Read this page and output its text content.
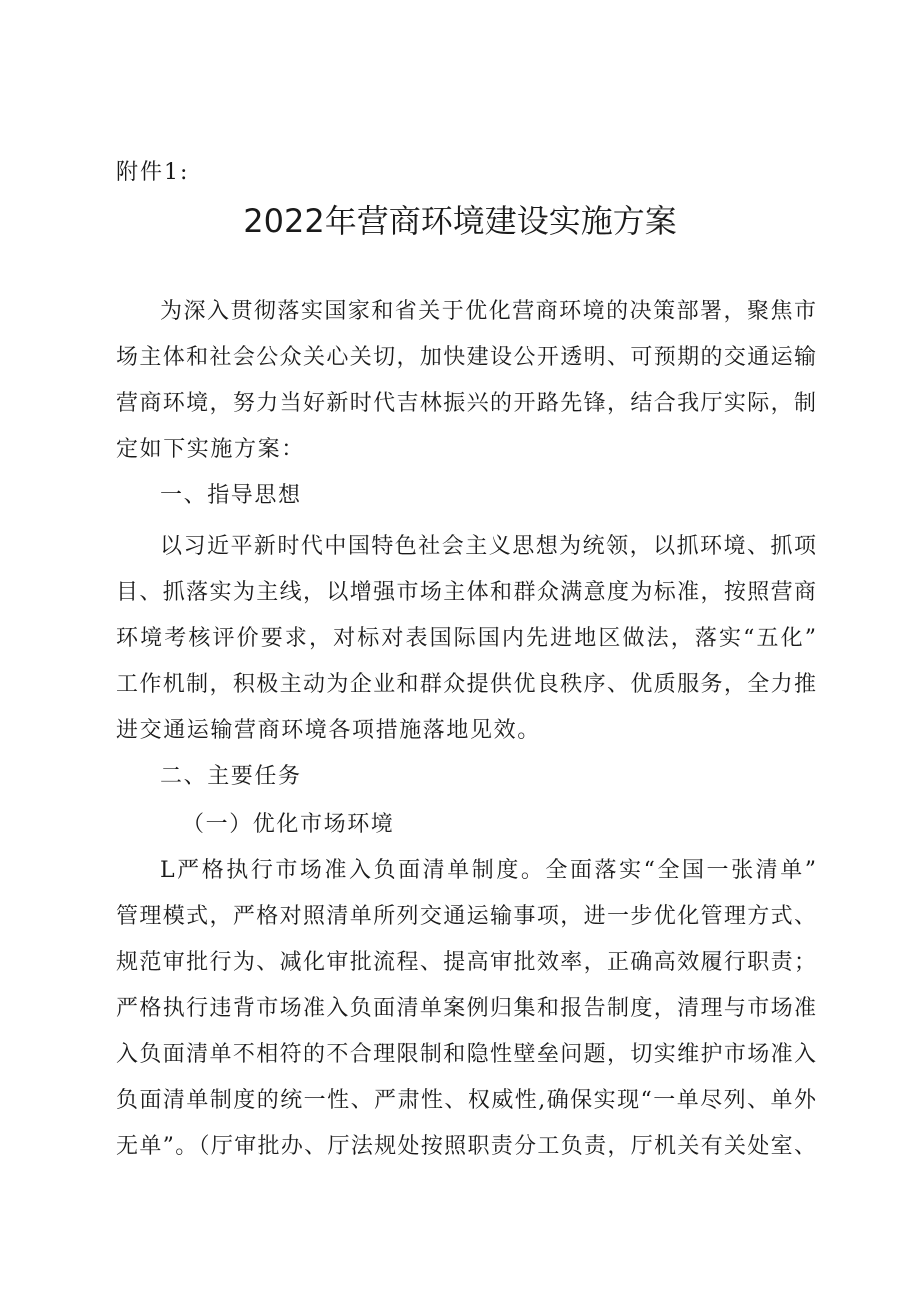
附件1:
2022年营商环境建设实施方案
为深入贯彻落实国家和省关于优化营商环境的决策部署，聚焦市
场主体和社会公众关心关切，加快建设公开透明、可预期的交通运输
营商环境，努力当好新时代吉林振兴的开路先锋，结合我厅实际，制
定如下实施方案：
一、指导思想
以习近平新时代中国特色社会主义思想为统领，以抓环境、抓项
目、抓落实为主线，以增强市场主体和群众满意度为标准，按照营商
环境考核评价要求，对标对表国际国内先进地区做法，落实“五化”
工作机制，积极主动为企业和群众提供优良秩序、优质服务，全力推
进交通运输营商环境各项措施落地见效。
二、主要任务
（一）优化市场环境
L严格执行市场准入负面清单制度。全面落实“全国一张清单”
管理模式，严格对照清单所列交通运输事项，进一步优化管理方式、
规范审批行为、减化审批流程、提高审批效率，正确高效履行职责；
严格执行违背市场准入负面清单案例归集和报告制度，清理与市场准
入负面清单不相符的不合理限制和隐性壁垒问题，切实维护市场准入
负面清单制度的统一性、严肃性、权威性,确保实现“一单尽列、单外
无单”。（厅审批办、厅法规处按照职责分工负责，厅机关有关处室、
